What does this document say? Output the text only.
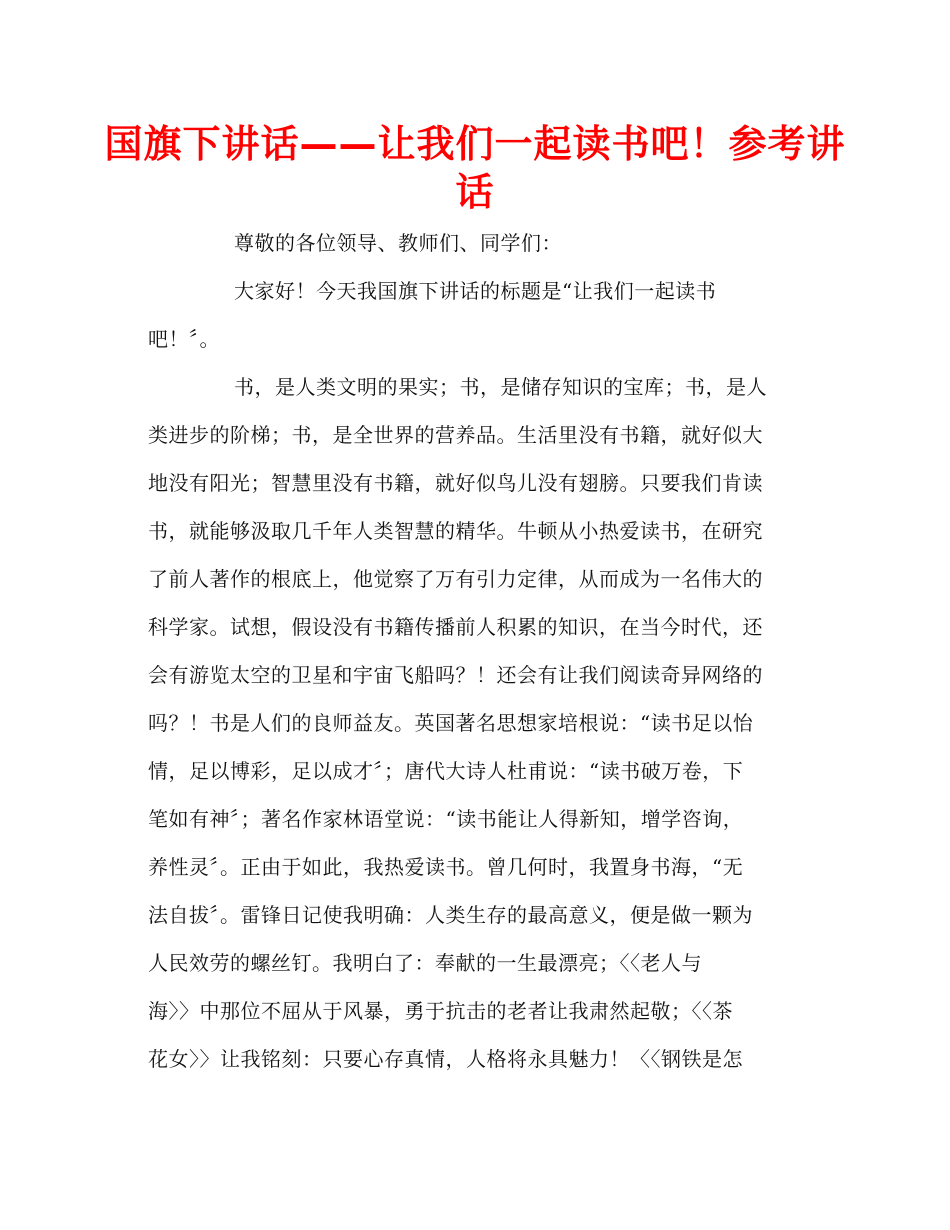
国旗下讲话——让我们一起读书吧！参考讲话
尊敬的各位领导、教师们、同学们：
大家好！今天我国旗下讲话的标题是“让我们一起读书
吧！〞。
书，是人类文明的果实；书，是储存知识的宝库；书，是人
类进步的阶梯；书，是全世界的营养品。生活里没有书籍，就好似大
地没有阳光；智慧里没有书籍，就好似鸟儿没有翅膀。只要我们肯读
书，就能够汲取几千年人类智慧的精华。牛顿从小热爱读书，在研究
了前人著作的根底上，他觉察了万有引力定律，从而成为一名伟大的
科学家。试想，假设没有书籍传播前人积累的知识，在当今时代，还
会有游览太空的卫星和宇宙飞船吗？！还会有让我们阅读奇异网络的
吗？！书是人们的良师益友。英国著名思想家培根说：“读书足以怡
情，足以博彩，足以成才〞；唐代大诗人杜甫说：“读书破万卷，下
笔如有神〞；著名作家林语堂说：“读书能让人得新知，增学咨询，
养性灵〞。正由于如此，我热爱读书。曾几何时，我置身书海，“无
法自拔〞。雷锋日记使我明确：人类生存的最高意义，便是做一颗为
人民效劳的螺丝钉。我明白了：奉献的一生最漂亮；〈〈老人与
海〉〉中那位不屈从于风暴，勇于抗击的老者让我肃然起敬；〈〈茶
花女〉〉让我铭刻：只要心存真情，人格将永具魅力！〈〈钢铁是怎
